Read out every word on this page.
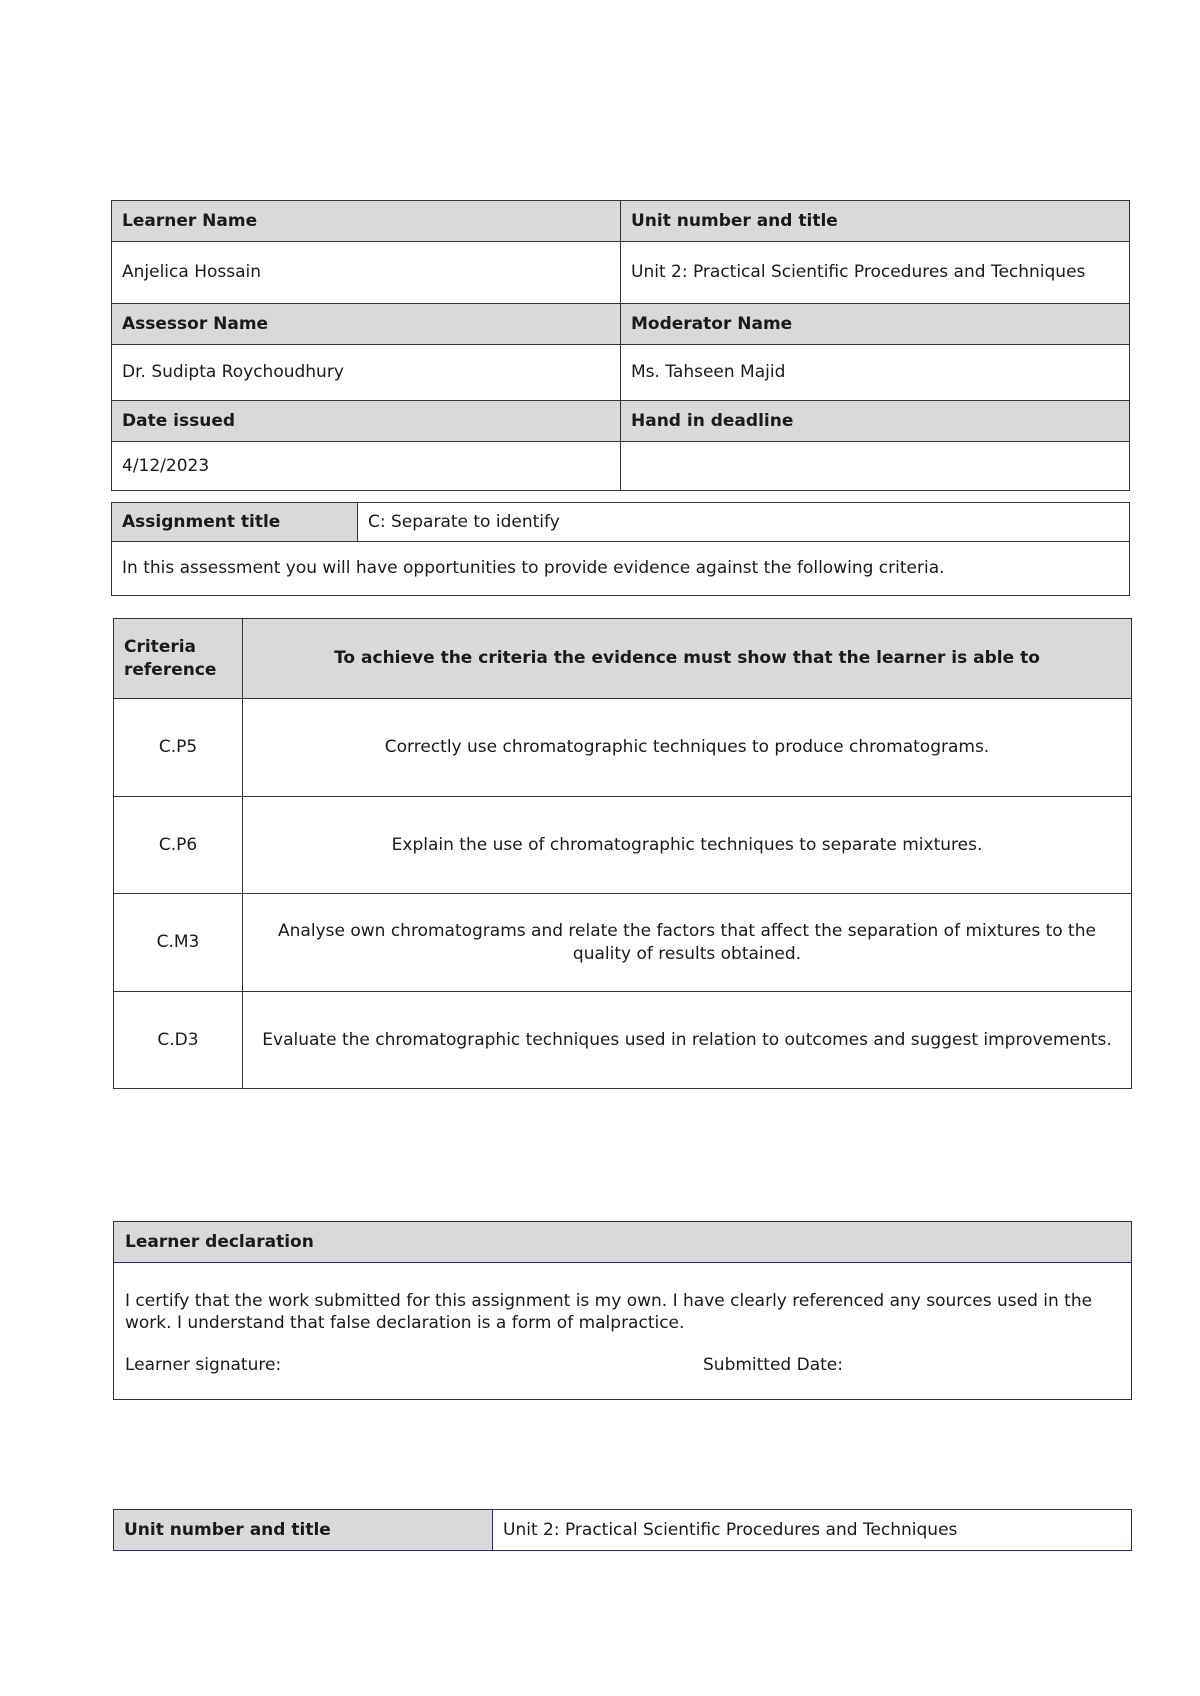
Learner Name	Unit number and title
Anjelica Hossain	Unit 2: Practical Scientific Procedures and Techniques
Assessor Name	Moderator Name
Dr. Sudipta Roychoudhury	Ms. Tahseen Majid
Date issued	Hand in deadline
4/12/2023	
Assignment title	C: Separate to identify
In this assessment you will have opportunities to provide evidence against the following criteria.
Criteria reference	To achieve the criteria the evidence must show that the learner is able to
C.P5	Correctly use chromatographic techniques to produce chromatograms.
C.P6	Explain the use of chromatographic techniques to separate mixtures.
C.M3	Analyse own chromatograms and relate the factors that affect the separation of mixtures to the quality of results obtained.
C.D3	Evaluate the chromatographic techniques used in relation to outcomes and suggest improvements.
Learner declaration
I certify that the work submitted for this assignment is my own. I have clearly referenced any sources used in the work. I understand that false declaration is a form of malpractice.
Learner signature:	Submitted Date:
Unit number and title	Unit 2: Practical Scientific Procedures and Techniques
